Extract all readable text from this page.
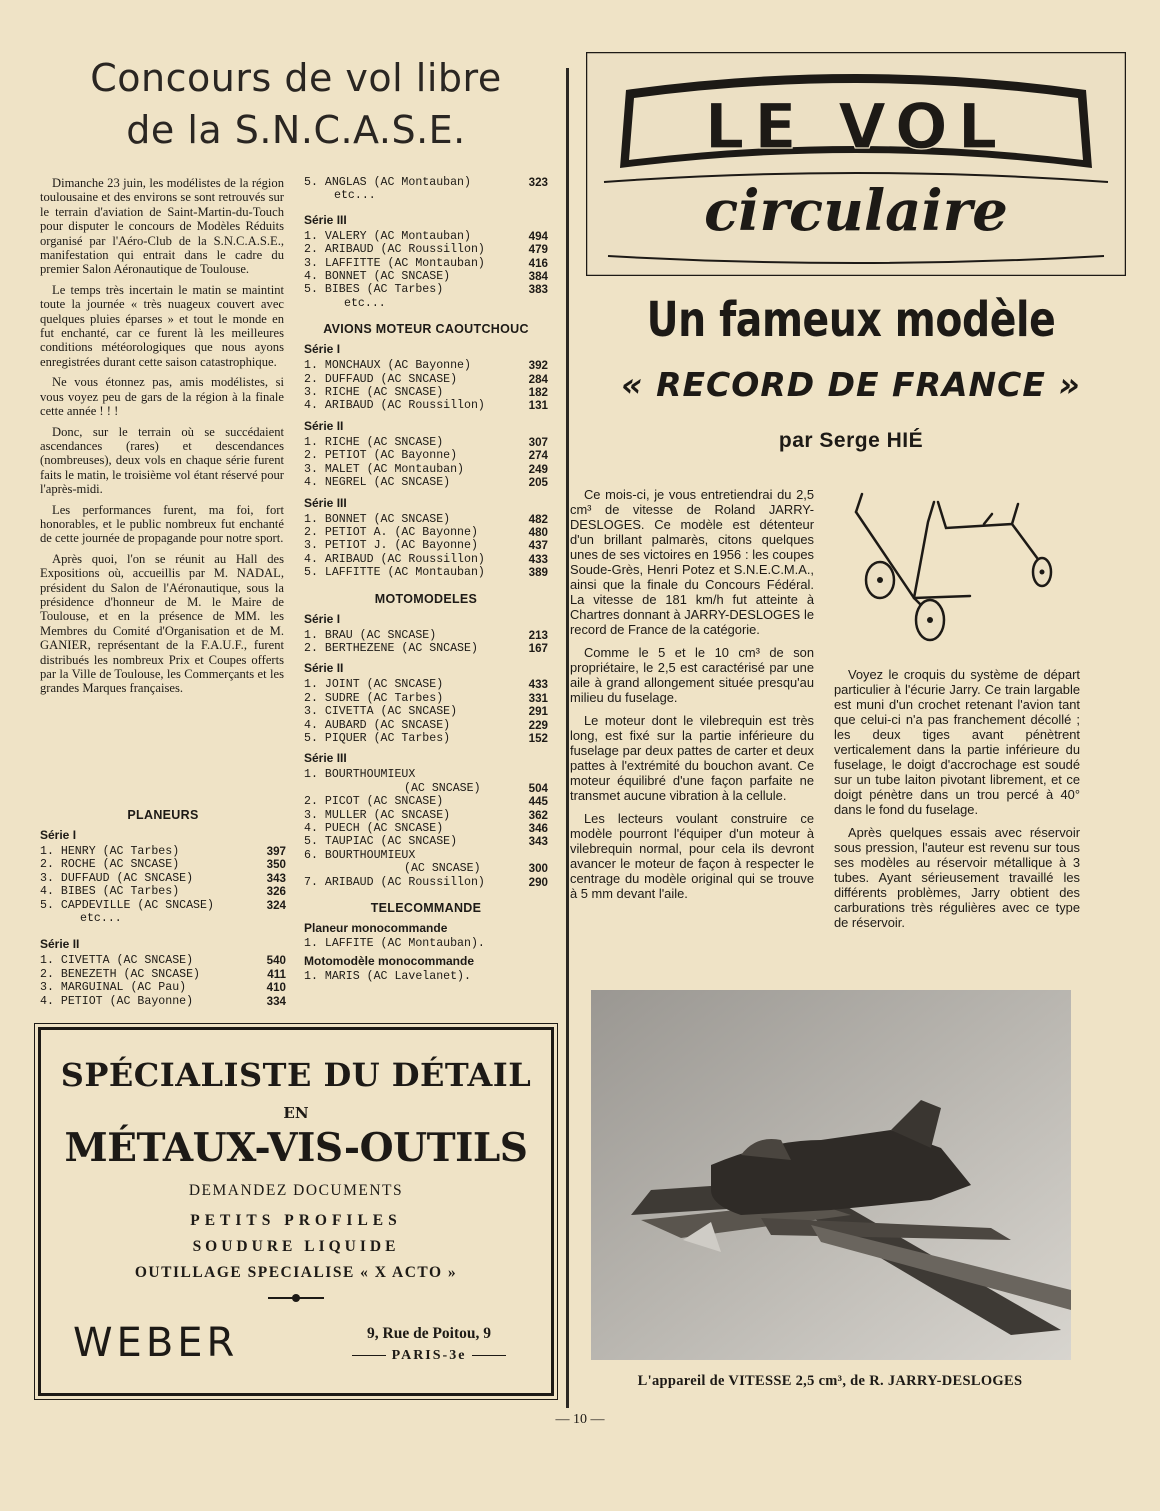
Concours de vol libre
de la S.N.C.A.S.E.

Dimanche 23 juin, les modélistes de la région toulousaine et des environs se sont retrouvés sur le terrain d'aviation de Saint-Martin-du-Touch pour disputer le concours de Modèles Réduits organisé par l'Aéro-Club de la S.N.C.A.S.E., manifestation qui entrait dans le cadre du premier Salon Aéronautique de Toulouse.

Le temps très incertain le matin se maintint toute la journée « très nuageux couvert avec quelques pluies éparses » et tout le monde en fut enchanté, car ce furent là les meilleures conditions météorologiques que nous ayons enregistrées durant cette saison catastrophique.

Ne vous étonnez pas, amis modélistes, si vous voyez peu de gars de la région à la finale cette année ! ! !

Donc, sur le terrain où se succédaient ascendances (rares) et descendances (nombreuses), deux vols en chaque série furent faits le matin, le troisième vol étant réservé pour l'après-midi.

Les performances furent, ma foi, fort honorables, et le public nombreux fut enchanté de cette journée de propagande pour notre sport.

Après quoi, l'on se réunit au Hall des Expositions où, accueillis par M. NADAL, président du Salon de l'Aéronautique, sous la présidence d'honneur de M. le Maire de Toulouse, et en la présence de MM. les Membres du Comité d'Organisation et de M. GANIER, représentant de la F.A.U.F., furent distribués les nombreux Prix et Coupes offerts par la Ville de Toulouse, les Commerçants et les grandes Marques françaises.

PLANEURS
Série I
1. HENRY (AC Tarbes)	397
2. ROCHE (AC SNCASE)	350
3. DUFFAUD (AC SNCASE)	343
4. BIBES (AC Tarbes)	326
5. CAPDEVILLE (AC SNCASE)	324
etc...
Série II
1. CIVETTA (AC SNCASE)	540
2. BENEZETH (AC SNCASE)	411
3. MARGUINAL (AC Pau)	410
4. PETIOT (AC Bayonne)	334
5. ANGLAS (AC Montauban)	323
etc...
Série III
1. VALERY (AC Montauban)	494
2. ARIBAUD (AC Roussillon)	479
3. LAFFITTE (AC Montauban)	416
4. BONNET (AC SNCASE)	384
5. BIBES (AC Tarbes)	383
etc...
AVIONS MOTEUR CAOUTCHOUC
Série I
1. MONCHAUX (AC Bayonne)	392
2. DUFFAUD (AC SNCASE)	284
3. RICHE (AC SNCASE)	182
4. ARIBAUD (AC Roussillon)	131
Série II
1. RICHE (AC SNCASE)	307
2. PETIOT (AC Bayonne)	274
3. MALET (AC Montauban)	249
4. NEGREL (AC SNCASE)	205
Série III
1. BONNET (AC SNCASE)	482
2. PETIOT A. (AC Bayonne)	480
3. PETIOT J. (AC Bayonne)	437
4. ARIBAUD (AC Roussillon)	433
5. LAFFITTE (AC Montauban)	389
MOTOMODELES
Série I
1. BRAU (AC SNCASE)	213
2. BERTHEZENE (AC SNCASE)	167
Série II
1. JOINT (AC SNCASE)	433
2. SUDRE (AC Tarbes)	331
3. CIVETTA (AC SNCASE)	291
4. AUBARD (AC SNCASE)	229
5. PIQUER (AC Tarbes)	152
Série III
1. BOURTHOUMIEUX
(AC SNCASE)	504
2. PICOT (AC SNCASE)	445
3. MULLER (AC SNCASE)	362
4. PUECH (AC SNCASE)	346
5. TAUPIAC (AC SNCASE)	343
6. BOURTHOUMIEUX
(AC SNCASE)	300
7. ARIBAUD (AC Roussillon)	290
TELECOMMANDE
Planeur monocommande
1. LAFFITE (AC Montauban).
Motomodèle monocommande
1. MARIS (AC Lavelanet).
SPÉCIALISTE DU DÉTAIL
EN
MÉTAUX-VIS-OUTILS
DEMANDEZ DOCUMENTS
PETITS PROFILES
SOUDURE LIQUIDE
OUTILLAGE SPECIALISE « X ACTO »
WEBER	9, Rue de Poitou, 9
PARIS-3e
LE VOL
circulaire
Un fameux modèle
« RECORD DE FRANCE »
par Serge HIÉ

Ce mois-ci, je vous entretiendrai du 2,5 cm³ de vitesse de Roland JARRY-DESLOGES. Ce modèle est détenteur d'un brillant palmarès, citons quelques unes de ses victoires en 1956 : les coupes Soude-Grès, Henri Potez et S.N.E.C.M.A., ainsi que la finale du Concours Fédéral. La vitesse de 181 km/h fut atteinte à Chartres donnant à JARRY-DESLOGES le record de France de la catégorie.

Comme le 5 et le 10 cm³ de son propriétaire, le 2,5 est caractérisé par une aile à grand allongement située presqu'au milieu du fuselage.

Le moteur dont le vilebrequin est très long, est fixé sur la partie inférieure du fuselage par deux pattes de carter et deux pattes à l'extrémité du bouchon avant. Ce moteur équilibré d'une façon parfaite ne transmet aucune vibration à la cellule.

Les lecteurs voulant construire ce modèle pourront l'équiper d'un moteur à vilebrequin normal, pour cela ils devront avancer le moteur de façon à respecter le centrage du modèle original qui se trouve à 5 mm devant l'aile.

Voyez le croquis du système de départ particulier à l'écurie Jarry. Ce train largable est muni d'un crochet retenant l'avion tant que celui-ci n'a pas franchement décollé ; les deux tiges avant pénètrent verticalement dans la partie inférieure du fuselage, le doigt d'accrochage est soudé sur un tube laiton pivotant librement, et ce doigt pénètre dans un trou percé à 40° dans le fond du fuselage.

Après quelques essais avec réservoir sous pression, l'auteur est revenu sur tous ses modèles au réservoir métallique à 3 tubes. Ayant sérieusement travaillé les différents problèmes, Jarry obtient des carburations très régulières avec ce type de réservoir.

L'appareil de VITESSE 2,5 cm³, de R. JARRY-DESLOGES
— 10 —
